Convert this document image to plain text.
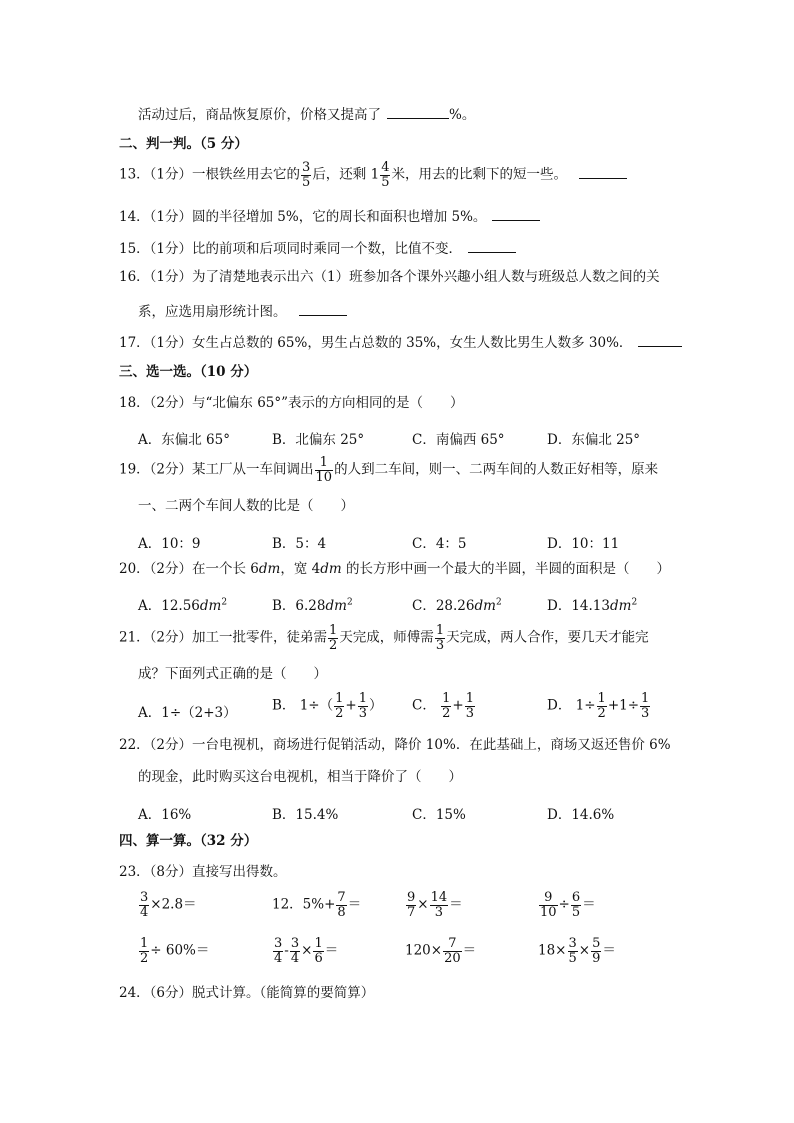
活动过后，商品恢复原价，价格又提高了	%。
二、判一判。（5 分）
13．（1分）一根铁丝用去它的 $\frac{3}{5}$ 后，还剩 $1 \frac{4}{5}$ 米，用去的比剩下的短一些。
14．（1分）圆的半径增加 5%，它的周长和面积也增加 5%。
15．（1分）比的前项和后项同时乘同一个数，比值不变．
16．（1分）为了清楚地表示出六（1）班参加各个课外兴趣小组人数与班级总人数之间的关
系，应选用扇形统计图。
17．（1分）女生占总数的 65%，男生占总数的 35%，女生人数比男生人数多 30%．
三、选一选。（10 分）
18．（2分）与“北偏东 65°”表示的方向相同的是（　　）
A．东偏北 65°	B．北偏东 25°	C．南偏西 65°	D．东偏北 25°
19．（2分）某工厂从一车间调出 $\frac{1}{10}$ 的人到二车间，则一、二两车间的人数正好相等，原来
一、二两个车间人数的比是（　　）
A．10：9	B．5：4	C．4：5	D．10：11
20．（2分）在一个长 6dm，宽 4dm 的长方形中画一个最大的半圆，半圆的面积是（　　）
A．$12.56dm^2$	B．$6.28dm^2$	C．$28.26dm^2$	D．$14.13dm^2$
21．（2分）加工一批零件，徒弟需 $\frac{1}{2}$ 天完成，师傅需 $\frac{1}{3}$ 天完成，两人合作，要几天才能完
成？下面列式正确的是（　　）
A．1÷（2+3）	B． $1\div( \frac{1}{2} + \frac{1}{3}$ ） C． $\frac{1}{2} + \frac{1}{3}$	D． $1\div \frac{1}{2} +1\div \frac{1}{3}$
22．（2分）一台电视机，商场进行促销活动，降价 10%．在此基础上，商场又返还售价 6%
的现金，此时购买这台电视机，相当于降价了（　　）
A．16%	B．15.4%	C．15%	D．14.6%
四、算一算。（32 分）
23．（8分）直接写出得数。
$\frac{3}{4} \times 2.8=$	12．$5\%+ \frac{7}{8}$ ＝	$\frac{9}{7} \times \frac{14}{3}$ ＝	$\frac{9}{10} \div \frac{6}{5}$ ＝
$\frac{1}{2} \div 60\%=$	$\frac{3}{4} - \frac{3}{4} \times \frac{1}{6}$ ＝	$120\times \frac{7}{20}$ ＝	$18\times \frac{3}{5} \times \frac{5}{9}$ ＝
24．（6分）脱式计算。（能简算的要简算）
